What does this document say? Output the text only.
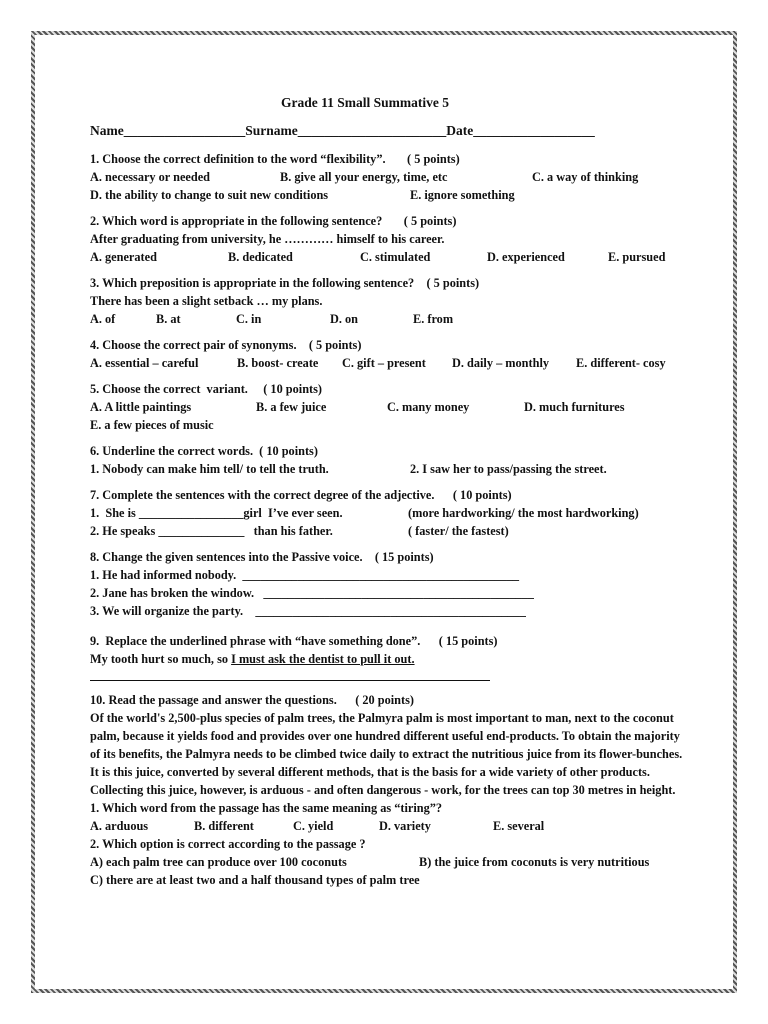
Grade 11 Small Summative 5
Name__________________Surname______________________Date__________________
1. Choose the correct definition to the word “flexibility”.       ( 5 points)
A. necessary or needed	B. give all your energy, time, etc	C. a way of thinking
D. the ability to change to suit new conditions	E. ignore something
2. Which word is appropriate in the following sentence?       ( 5 points)
After graduating from university, he ………… himself to his career.
A. generated	B. dedicated	C. stimulated	D. experienced	E. pursued
3. Which preposition is appropriate in the following sentence?    ( 5 points)
There has been a slight setback … my plans.
A. of	B. at	C. in	D. on	E. from
4. Choose the correct pair of synonyms.    ( 5 points)
A. essential – careful	B. boost- create	C. gift – present	D. daily – monthly	E. different- cosy
5. Choose the correct  variant.     ( 10 points)
A. A little paintings	B. a few juice	C. many money	D. much furnitures
E. a few pieces of music
6. Underline the correct words.  ( 10 points)
1. Nobody can make him tell/ to tell the truth.	2. I saw her to pass/passing the street.
7. Complete the sentences with the correct degree of the adjective.      ( 10 points)
1.  She is _________________girl  I’ve ever seen.	(more hardworking/ the most hardworking)
2. He speaks ______________   than his father.	( faster/ the fastest)
8. Change the given sentences into the Passive voice.    ( 15 points)
1. He had informed nobody.  _____________________________________________
2. Jane has broken the window.   ____________________________________________
3. We will organize the party.    ____________________________________________
9.  Replace the underlined phrase with “have something done”.      ( 15 points)
My tooth hurt so much, so I must ask the dentist to pull it out.
10. Read the passage and answer the questions.      ( 20 points)
Of the world's 2,500-plus species of palm trees, the Palmyra palm is most important to man, next to the coconut palm, because it yields food and provides over one hundred different useful end-products. To obtain the majority of its benefits, the Palmyra needs to be climbed twice daily to extract the nutritious juice from its flower-bunches. It is this juice, converted by several different methods, that is the basis for a wide variety of other products. Collecting this juice, however, is arduous - and often dangerous - work, for the trees can top 30 metres in height.
1. Which word from the passage has the same meaning as “tiring”?
A. arduous	B. different	C. yield	D. variety	E. several
2. Which option is correct according to the passage ?
A) each palm tree can produce over 100 coconuts	B) the juice from coconuts is very nutritious
C) there are at least two and a half thousand types of palm tree
